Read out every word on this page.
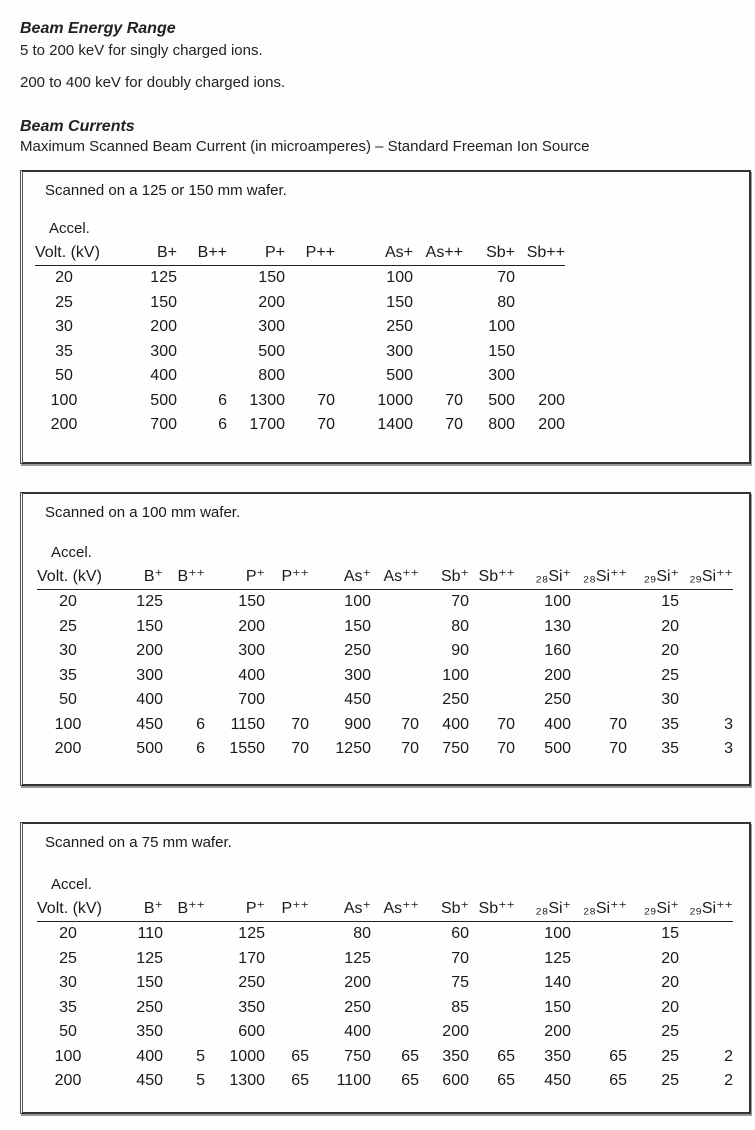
Beam Energy Range
5 to 200 keV for singly charged ions.
200 to 400 keV for doubly charged ions.
Beam Currents
Maximum Scanned Beam Current (in microamperes) – Standard Freeman Ion Source
Scanned on a 125 or 150 mm wafer.
Accel.
Volt. (kV)	B+	B++	P+	P++	As+	As++	Sb+	Sb++
20	125		150		100		70	
25	150		200		150		80	
30	200		300		250		100	
35	300		500		300		150	
50	400		800		500		300	
100	500	6	1300	70	1000	70	500	200
200	700	6	1700	70	1400	70	800	200
Scanned on a 100 mm wafer.
Accel.
Volt. (kV)	B⁺	B⁺⁺	P⁺	P⁺⁺	As⁺	As⁺⁺	Sb⁺	Sb⁺⁺	₂₈Si⁺	₂₈Si⁺⁺	₂₉Si⁺	₂₉Si⁺⁺
20	125		150		100		70		100		15	
25	150		200		150		80		130		20	
30	200		300		250		90		160		20	
35	300		400		300		100		200		25	
50	400		700		450		250		250		30	
100	450	6	1150	70	900	70	400	70	400	70	35	3
200	500	6	1550	70	1250	70	750	70	500	70	35	3
Scanned on a 75 mm wafer.
Accel.
Volt. (kV)	B⁺	B⁺⁺	P⁺	P⁺⁺	As⁺	As⁺⁺	Sb⁺	Sb⁺⁺	₂₈Si⁺	₂₈Si⁺⁺	₂₉Si⁺	₂₉Si⁺⁺
20	110		125		80		60		100		15	
25	125		170		125		70		125		20	
30	150		250		200		75		140		20	
35	250		350		250		85		150		20	
50	350		600		400		200		200		25	
100	400	5	1000	65	750	65	350	65	350	65	25	2
200	450	5	1300	65	1100	65	600	65	450	65	25	2
